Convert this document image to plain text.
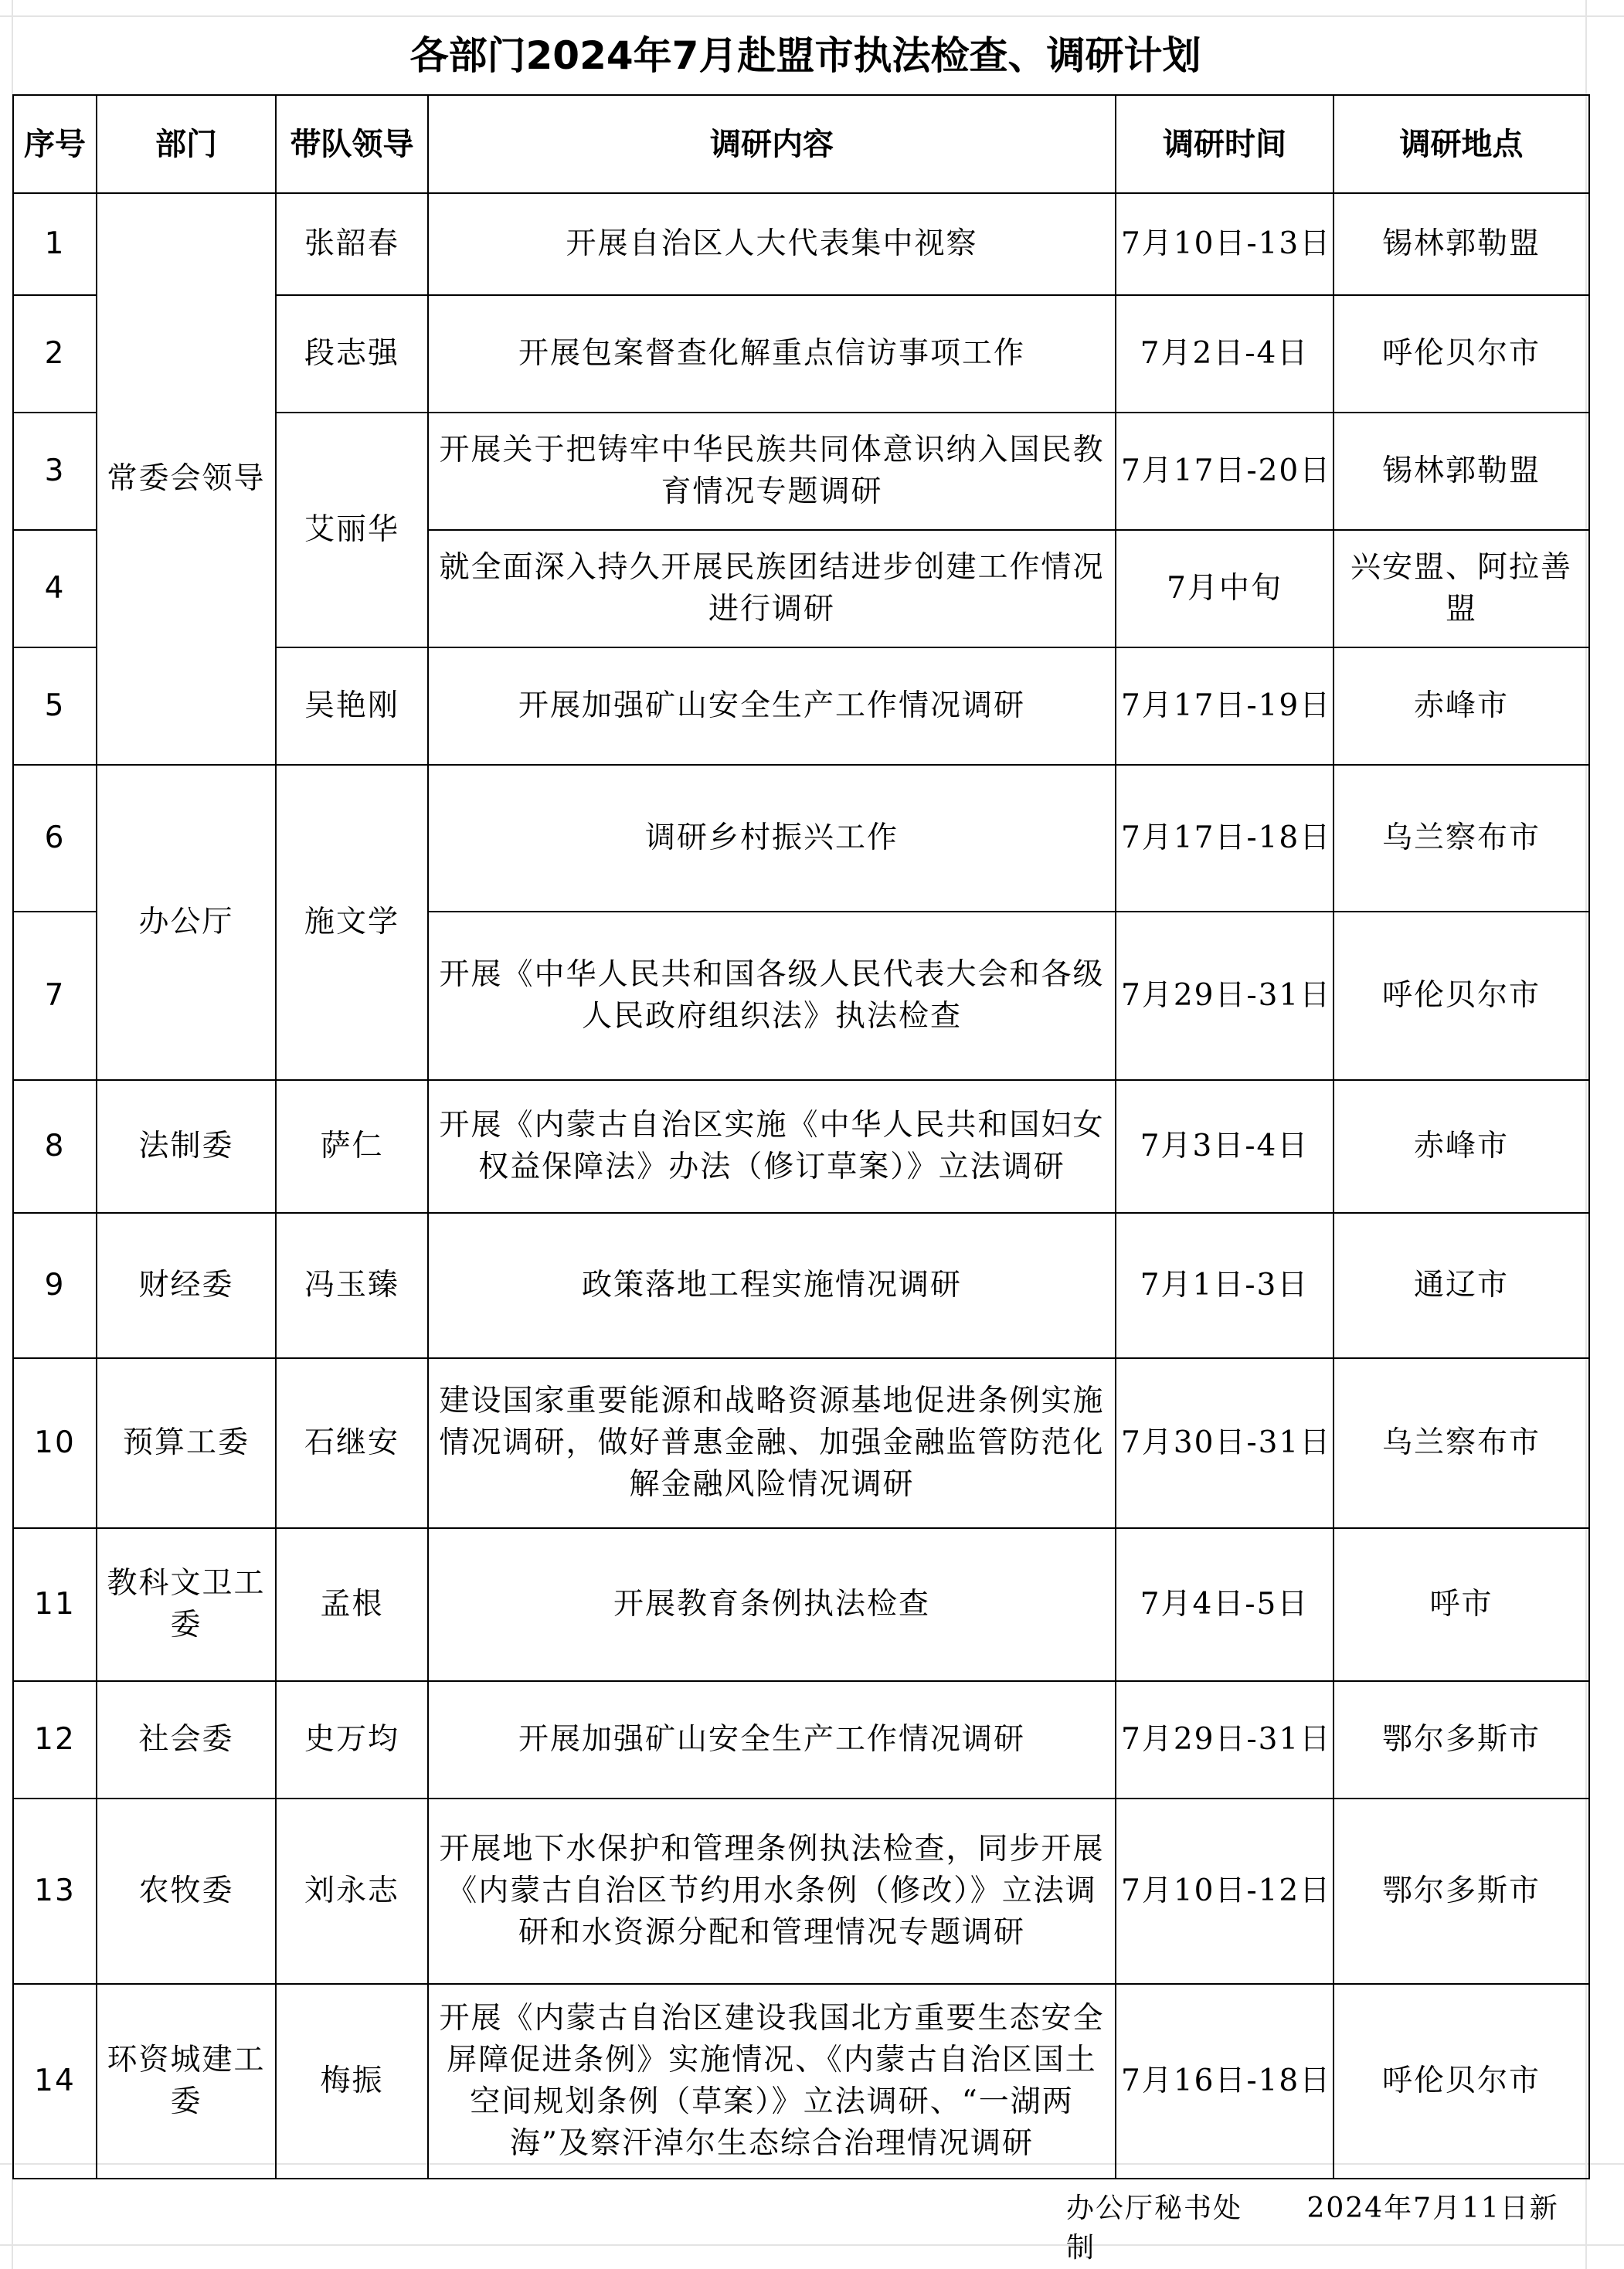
各部门2024年7月赴盟市执法检查、调研计划
序号	部门	带队领导	调研内容	调研时间	调研地点
1	常委会领导	张韶春	开展自治区人大代表集中视察	7月10日-13日	锡林郭勒盟
2		段志强	开展包案督查化解重点信访事项工作	7月2日-4日	呼伦贝尔市
3		艾丽华	开展关于把铸牢中华民族共同体意识纳入国民教育情况专题调研	7月17日-20日	锡林郭勒盟
4			就全面深入持久开展民族团结进步创建工作情况进行调研	7月中旬	兴安盟、阿拉善盟
5		吴艳刚	开展加强矿山安全生产工作情况调研	7月17日-19日	赤峰市
6	办公厅	施文学	调研乡村振兴工作	7月17日-18日	乌兰察布市
7			开展《中华人民共和国各级人民代表大会和各级人民政府组织法》执法检查	7月29日-31日	呼伦贝尔市
8	法制委	萨仁	开展《内蒙古自治区实施《中华人民共和国妇女权益保障法》办法（修订草案）》立法调研	7月3日-4日	赤峰市
9	财经委	冯玉臻	政策落地工程实施情况调研	7月1日-3日	通辽市
10	预算工委	石继安	建设国家重要能源和战略资源基地促进条例实施情况调研，做好普惠金融、加强金融监管防范化解金融风险情况调研	7月30日-31日	乌兰察布市
11	教科文卫工委	孟根	开展教育条例执法检查	7月4日-5日	呼市
12	社会委	史万均	开展加强矿山安全生产工作情况调研	7月29日-31日	鄂尔多斯市
13	农牧委	刘永志	开展地下水保护和管理条例执法检查，同步开展《内蒙古自治区节约用水条例（修改）》立法调研和水资源分配和管理情况专题调研	7月10日-12日	鄂尔多斯市
14	环资城建工委	梅振	开展《内蒙古自治区建设我国北方重要生态安全屏障促进条例》实施情况、《内蒙古自治区国土空间规划条例（草案）》立法调研、“一湖两海”及察汗淖尔生态综合治理情况调研	7月16日-18日	呼伦贝尔市
办公厅秘书处 2024年7月11日新制
